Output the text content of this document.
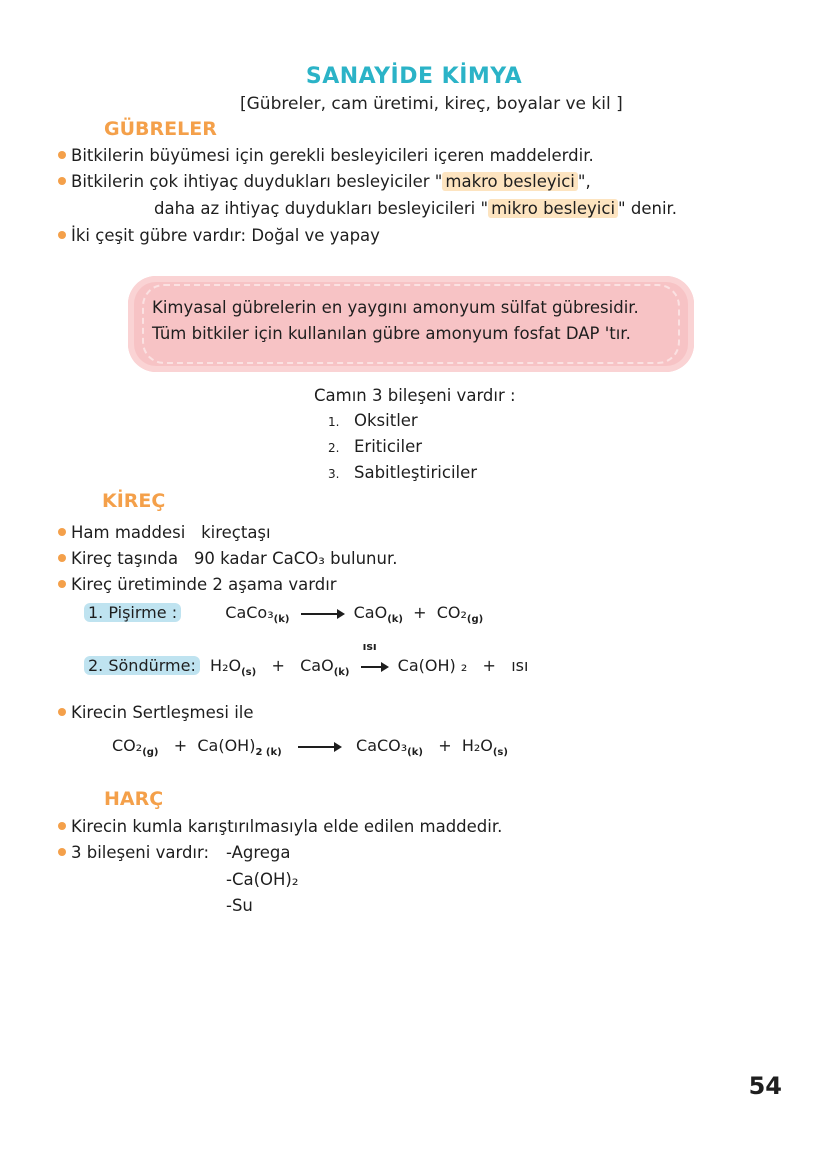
SANAYİDE KİMYA
[Gübreler, cam üretimi, kireç, boyalar ve kil ]
GÜBRELER
Bitkilerin büyümesi için gerekli besleyicileri içeren maddelerdir.
Bitkilerin çok ihtiyaç duydukları besleyiciler " makro besleyici ",
daha az ihtiyaç duydukları besleyicileri " mikro besleyici " denir.
İki çeşit gübre vardır: Doğal ve yapay
Kimyasal gübrelerin en yaygını amonyum sülfat gübresidir.
Tüm bitkiler için kullanılan gübre amonyum fosfat DAP 'tır.
Camın 3 bileşeni vardır :
1. Oksitler
2. Eriticiler
3. Sabitleştiriciler
KİREÇ
Ham maddesi kireçtaşı
Kireç taşında 90 kadar CaCO₃ bulunur.
Kireç üretiminde 2 aşama vardır
1. Pişirme :	$CaCo_3_{(k)} \to CaO_{(k)} + CO_2_{(g)}$
2. Söndürme: $H_2O_{(s)} + CaO_{(k)}$
ısı
Ca(OH) ₂ + ısı
Kirecin Sertleşmesi ile
$CO_2_{(g)} + Ca(OH)_{2 (k)}$ → $CaCO_3_{(k)} + H_2O_{(s)}$
HARÇ
Kirecin kumla karıştırılmasıyla elde edilen maddedir.
3 bileşeni vardır: -Agrega
-Ca(OH)₂
-Su
54
